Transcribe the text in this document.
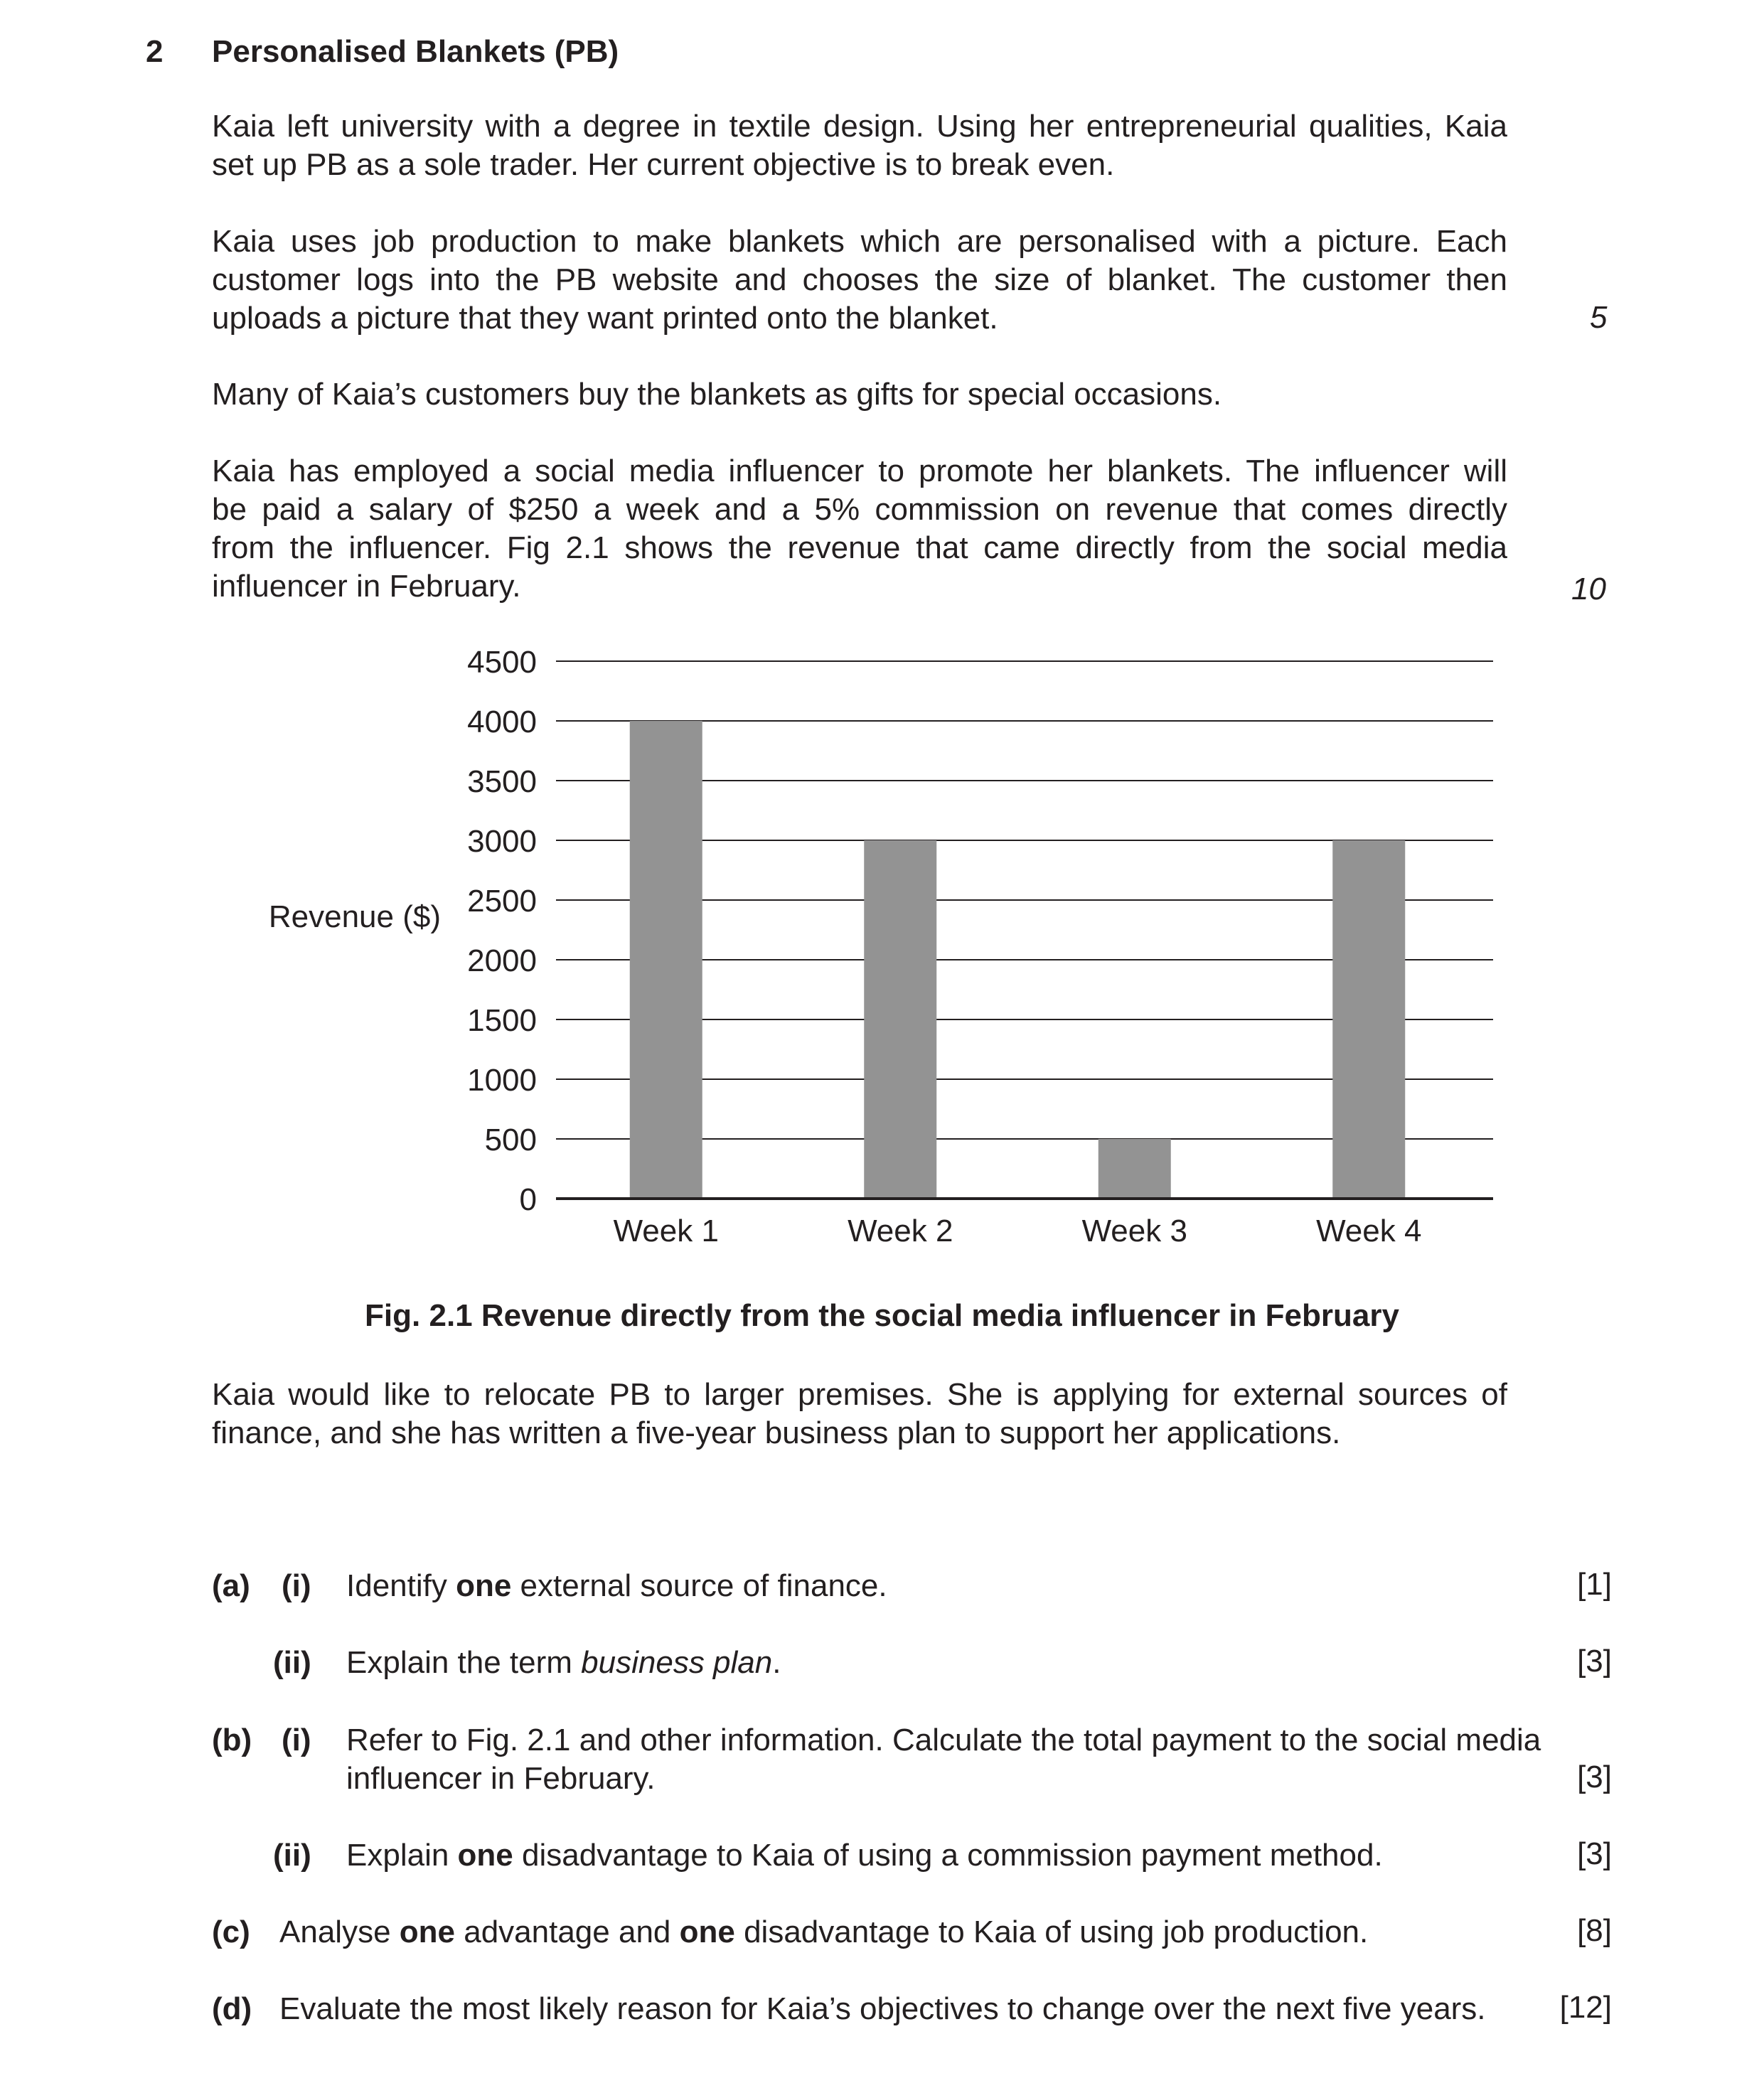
2 Personalised Blankets (PB)
Kaia left university with a degree in textile design. Using her entrepreneurial qualities, Kaia
set up PB as a sole trader. Her current objective is to break even.
Kaia uses job production to make blankets which are personalised with a picture. Each
customer logs into the PB website and chooses the size of blanket. The customer then
uploads a picture that they want printed onto the blanket.	5
Many of Kaia’s customers buy the blankets as gifts for special occasions.
Kaia has employed a social media influencer to promote her blankets. The influencer will
be paid a salary of $250 a week and a 5% commission on revenue that comes directly
from the influencer. Fig 2.1 shows the revenue that came directly from the social media
influencer in February.	10
0
500
1000
1500
2000
2500
3000
3500
4000
4500
Week 1	Week 2	Week 3	Week 4
Revenue ($)
Fig. 2.1 Revenue directly from the social media influencer in February
Kaia would like to relocate PB to larger premises. She is applying for external sources of
finance, and she has written a five-year business plan to support her applications.
(a) (i) Identify one external source of finance.	[1]
(ii) Explain the term business plan.	[3]
(b) (i) Refer to Fig. 2.1 and other information. Calculate the total payment to the social media
influencer in February.	[3]
(ii) Explain one disadvantage to Kaia of using a commission payment method.	[3]
(c) Analyse one advantage and one disadvantage to Kaia of using job production.	[8]
(d) Evaluate the most likely reason for Kaia’s objectives to change over the next five years. [12]
